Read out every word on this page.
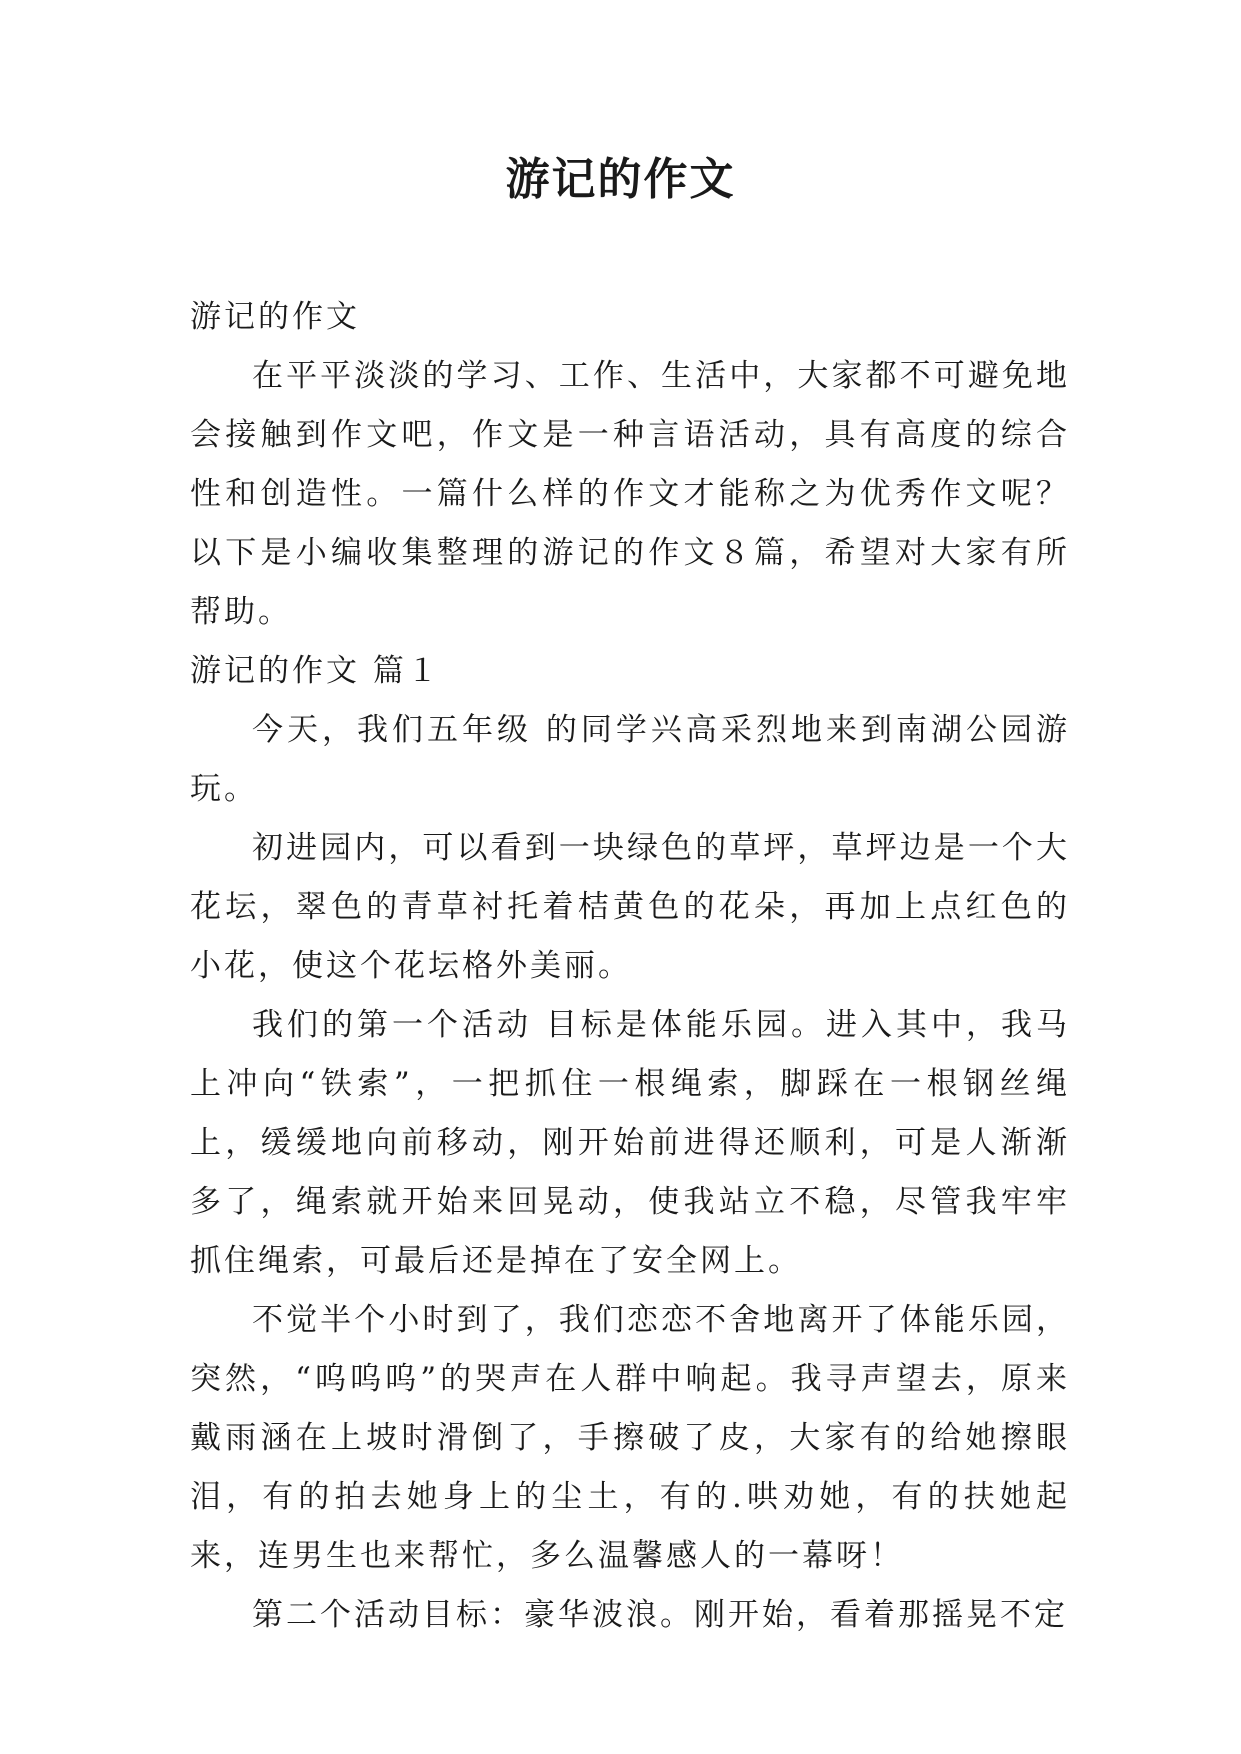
游记的作文

游记的作文

在平平淡淡的学习、工作、生活中，大家都不可避免地会接触到作文吧，作文是一种言语活动，具有高度的综合性和创造性。一篇什么样的作文才能称之为优秀作文呢？以下是小编收集整理的游记的作文８篇，希望对大家有所帮助。

游记的作文 篇１

今天，我们五年级 的同学兴高采烈地来到南湖公园游玩。

初进园内，可以看到一块绿色的草坪，草坪边是一个大花坛，翠色的青草衬托着桔黄色的花朵，再加上点红色的小花，使这个花坛格外美丽。

我们的第一个活动 目标是体能乐园。进入其中，我马上冲向“铁索”，一把抓住一根绳索，脚踩在一根钢丝绳上，缓缓地向前移动，刚开始前进得还顺利，可是人渐渐多了，绳索就开始来回晃动，使我站立不稳，尽管我牢牢抓住绳索，可最后还是掉在了安全网上。

不觉半个小时到了，我们恋恋不舍地离开了体能乐园，突然，“呜呜呜”的哭声在人群中响起。我寻声望去，原来戴雨涵在上坡时滑倒了，手擦破了皮，大家有的给她擦眼泪，有的拍去她身上的尘土，有的.哄劝她，有的扶她起来，连男生也来帮忙，多么温馨感人的一幕呀！

第二个活动目标：豪华波浪。刚开始，看着那摇晃不定
